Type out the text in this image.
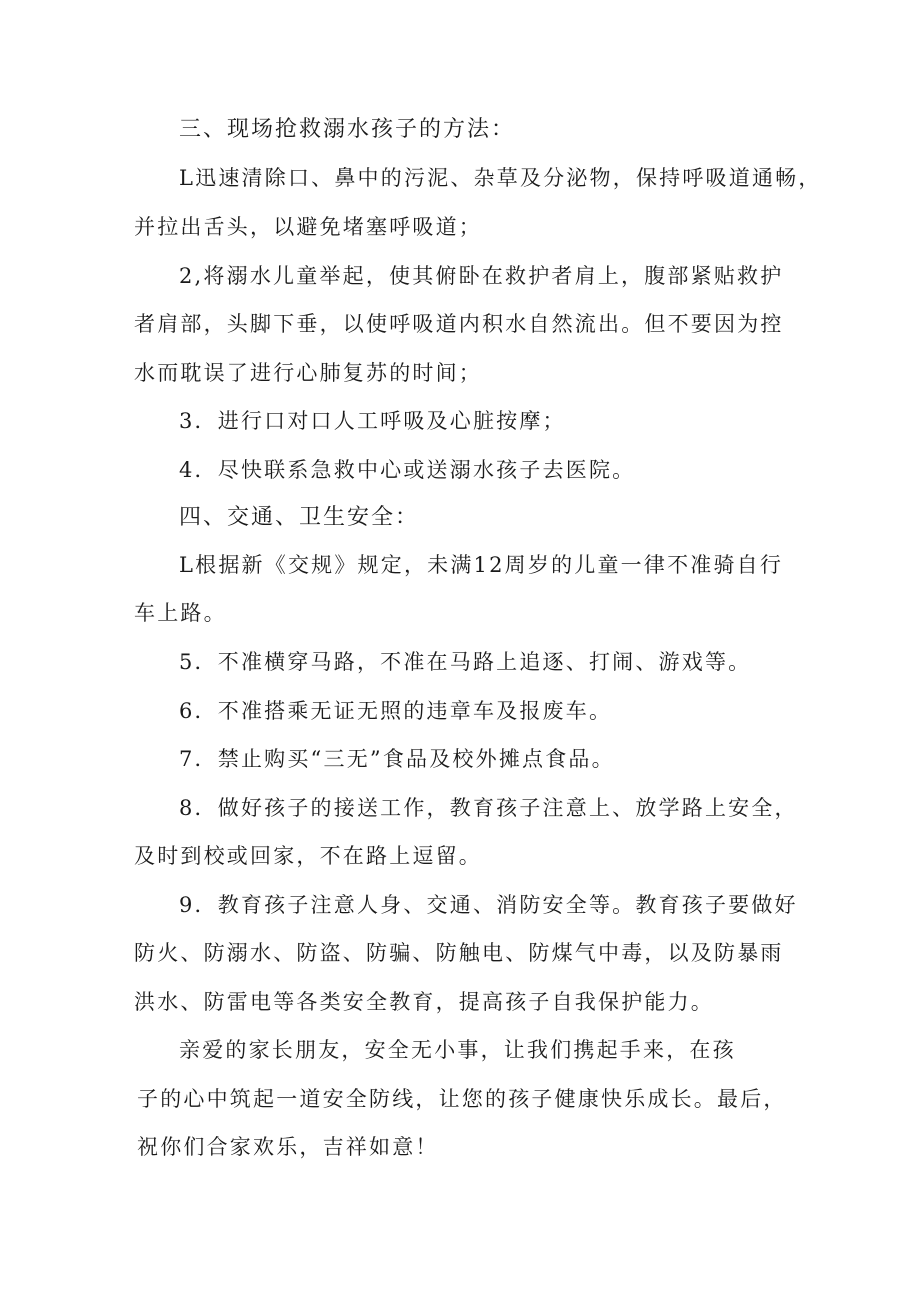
三、现场抢救溺水孩子的方法：
L迅速清除口、鼻中的污泥、杂草及分泌物，保持呼吸道通畅，
并拉出舌头，以避免堵塞呼吸道；
2,将溺水儿童举起，使其俯卧在救护者肩上，腹部紧贴救护
者肩部，头脚下垂，以使呼吸道内积水自然流出。但不要因为控
水而耽误了进行心肺复苏的时间；
3．进行口对口人工呼吸及心脏按摩；
4．尽快联系急救中心或送溺水孩子去医院。
四、交通、卫生安全：
L根据新《交规》规定，未满12周岁的儿童一律不准骑自行
车上路。
5．不准横穿马路，不准在马路上追逐、打闹、游戏等。
6．不准搭乘无证无照的违章车及报废车。
7．禁止购买“三无”食品及校外摊点食品。
8．做好孩子的接送工作，教育孩子注意上、放学路上安全，
及时到校或回家，不在路上逗留。
9．教育孩子注意人身、交通、消防安全等。教育孩子要做好
防火、防溺水、防盗、防骗、防触电、防煤气中毒，以及防暴雨
洪水、防雷电等各类安全教育，提高孩子自我保护能力。
亲爱的家长朋友，安全无小事，让我们携起手来，在孩
子的心中筑起一道安全防线，让您的孩子健康快乐成长。最后，
祝你们合家欢乐，吉祥如意！
